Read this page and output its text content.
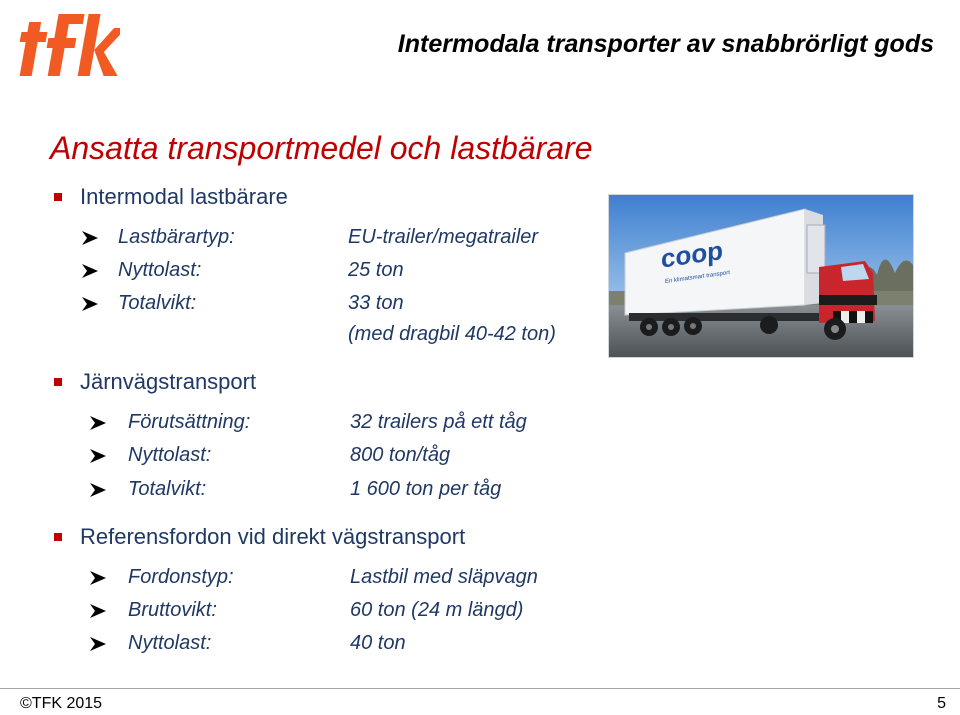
Intermodala transporter av snabbrörligt gods
Ansatta transportmedel och lastbärare
Intermodal lastbärare
Lastbärartyp:	EU-trailer/megatrailer
Nyttolast:	25 ton
Totalvikt:	33 ton
(med dragbil 40-42 ton)
Järnvägstransport
Förutsättning:	32 trailers på ett tåg
Nyttolast:	800 ton/tåg
Totalvikt:	1 600 ton per tåg
Referensfordon vid direkt vägstransport
Fordonstyp:	Lastbil med släpvagn
Bruttovikt:	60 ton (24 m längd)
Nyttolast:	40 ton
coop
En klimatsmart transport
©TFK 2015	5
